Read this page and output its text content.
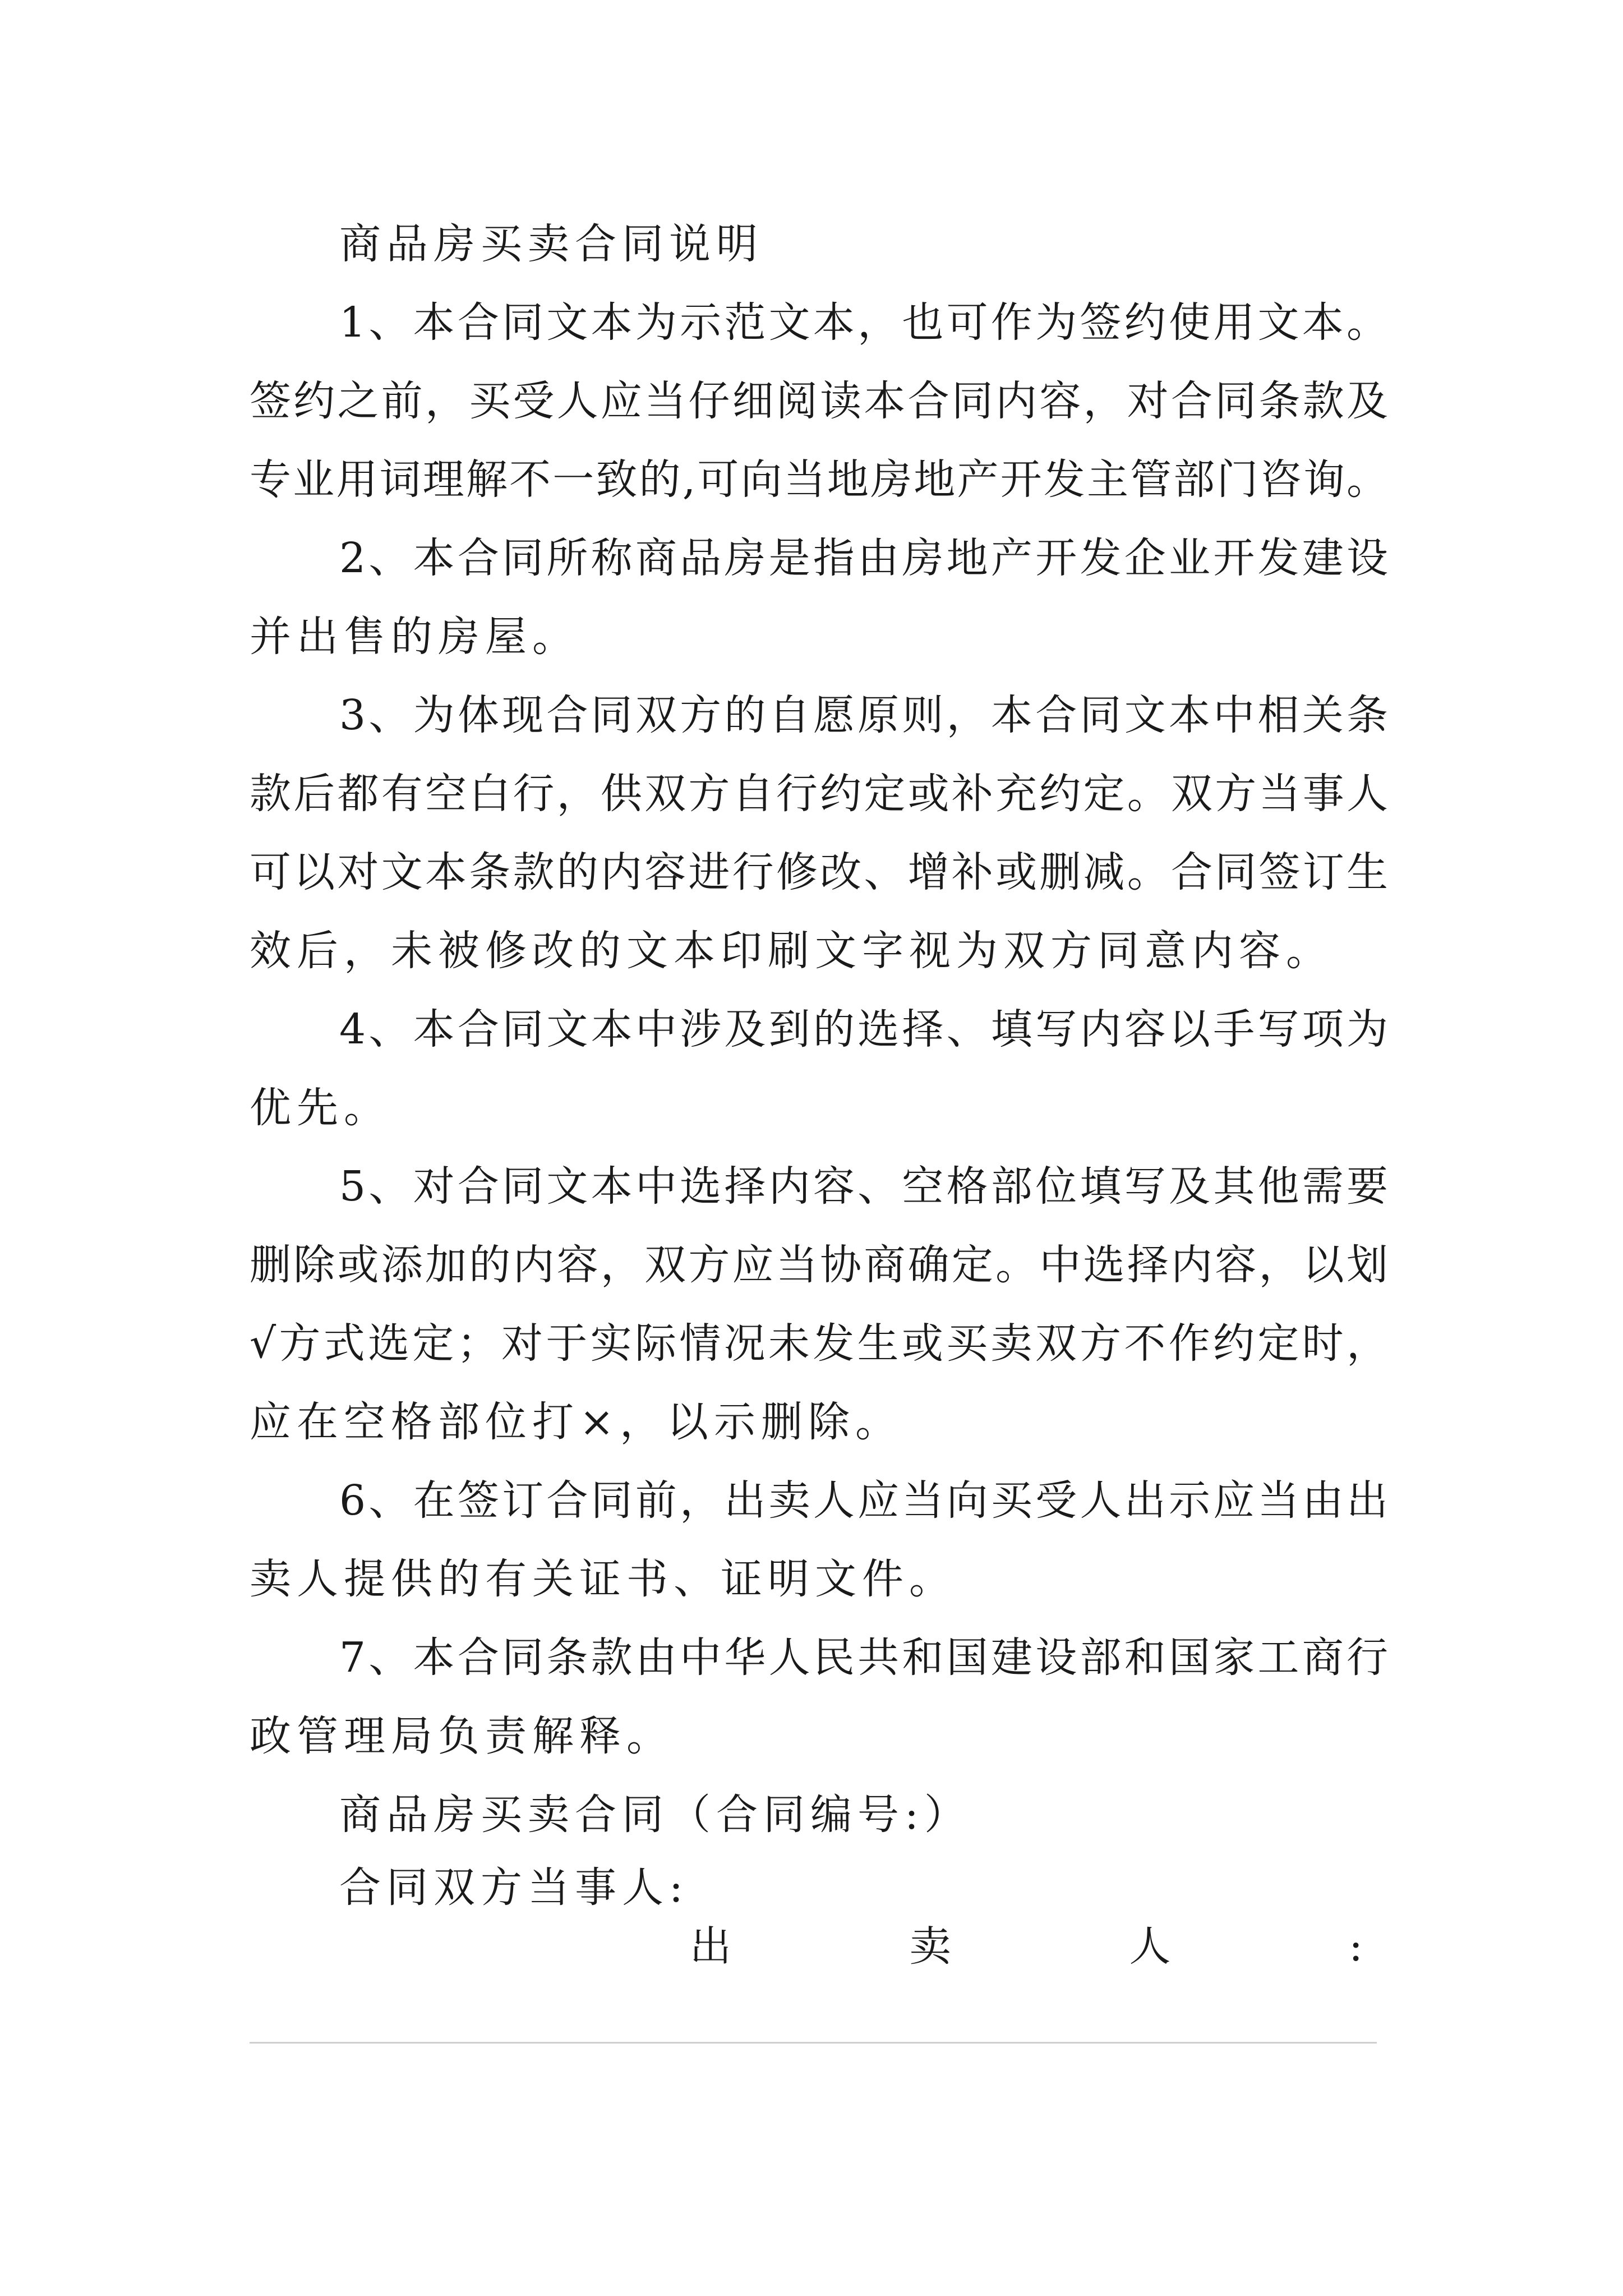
商品房买卖合同说明
1、本合同文本为示范文本，也可作为签约使用文本。
签约之前，买受人应当仔细阅读本合同内容，对合同条款及
专业用词理解不一致的,可向当地房地产开发主管部门咨询。
2、本合同所称商品房是指由房地产开发企业开发建设
并出售的房屋。
3、为体现合同双方的自愿原则，本合同文本中相关条
款后都有空白行，供双方自行约定或补充约定。双方当事人
可以对文本条款的内容进行修改、增补或删减。合同签订生
效后，未被修改的文本印刷文字视为双方同意内容。
4、本合同文本中涉及到的选择、填写内容以手写项为
优先。
5、对合同文本中选择内容、空格部位填写及其他需要
删除或添加的内容，双方应当协商确定。中选择内容，以划
√方式选定；对于实际情况未发生或买卖双方不作约定时，
应在空格部位打×，以示删除。
6、在签订合同前，出卖人应当向买受人出示应当由出
卖人提供的有关证书、证明文件。
7、本合同条款由中华人民共和国建设部和国家工商行
政管理局负责解释。
商品房买卖合同（合同编号:）
合同双方当事人:
出	卖	人	:
